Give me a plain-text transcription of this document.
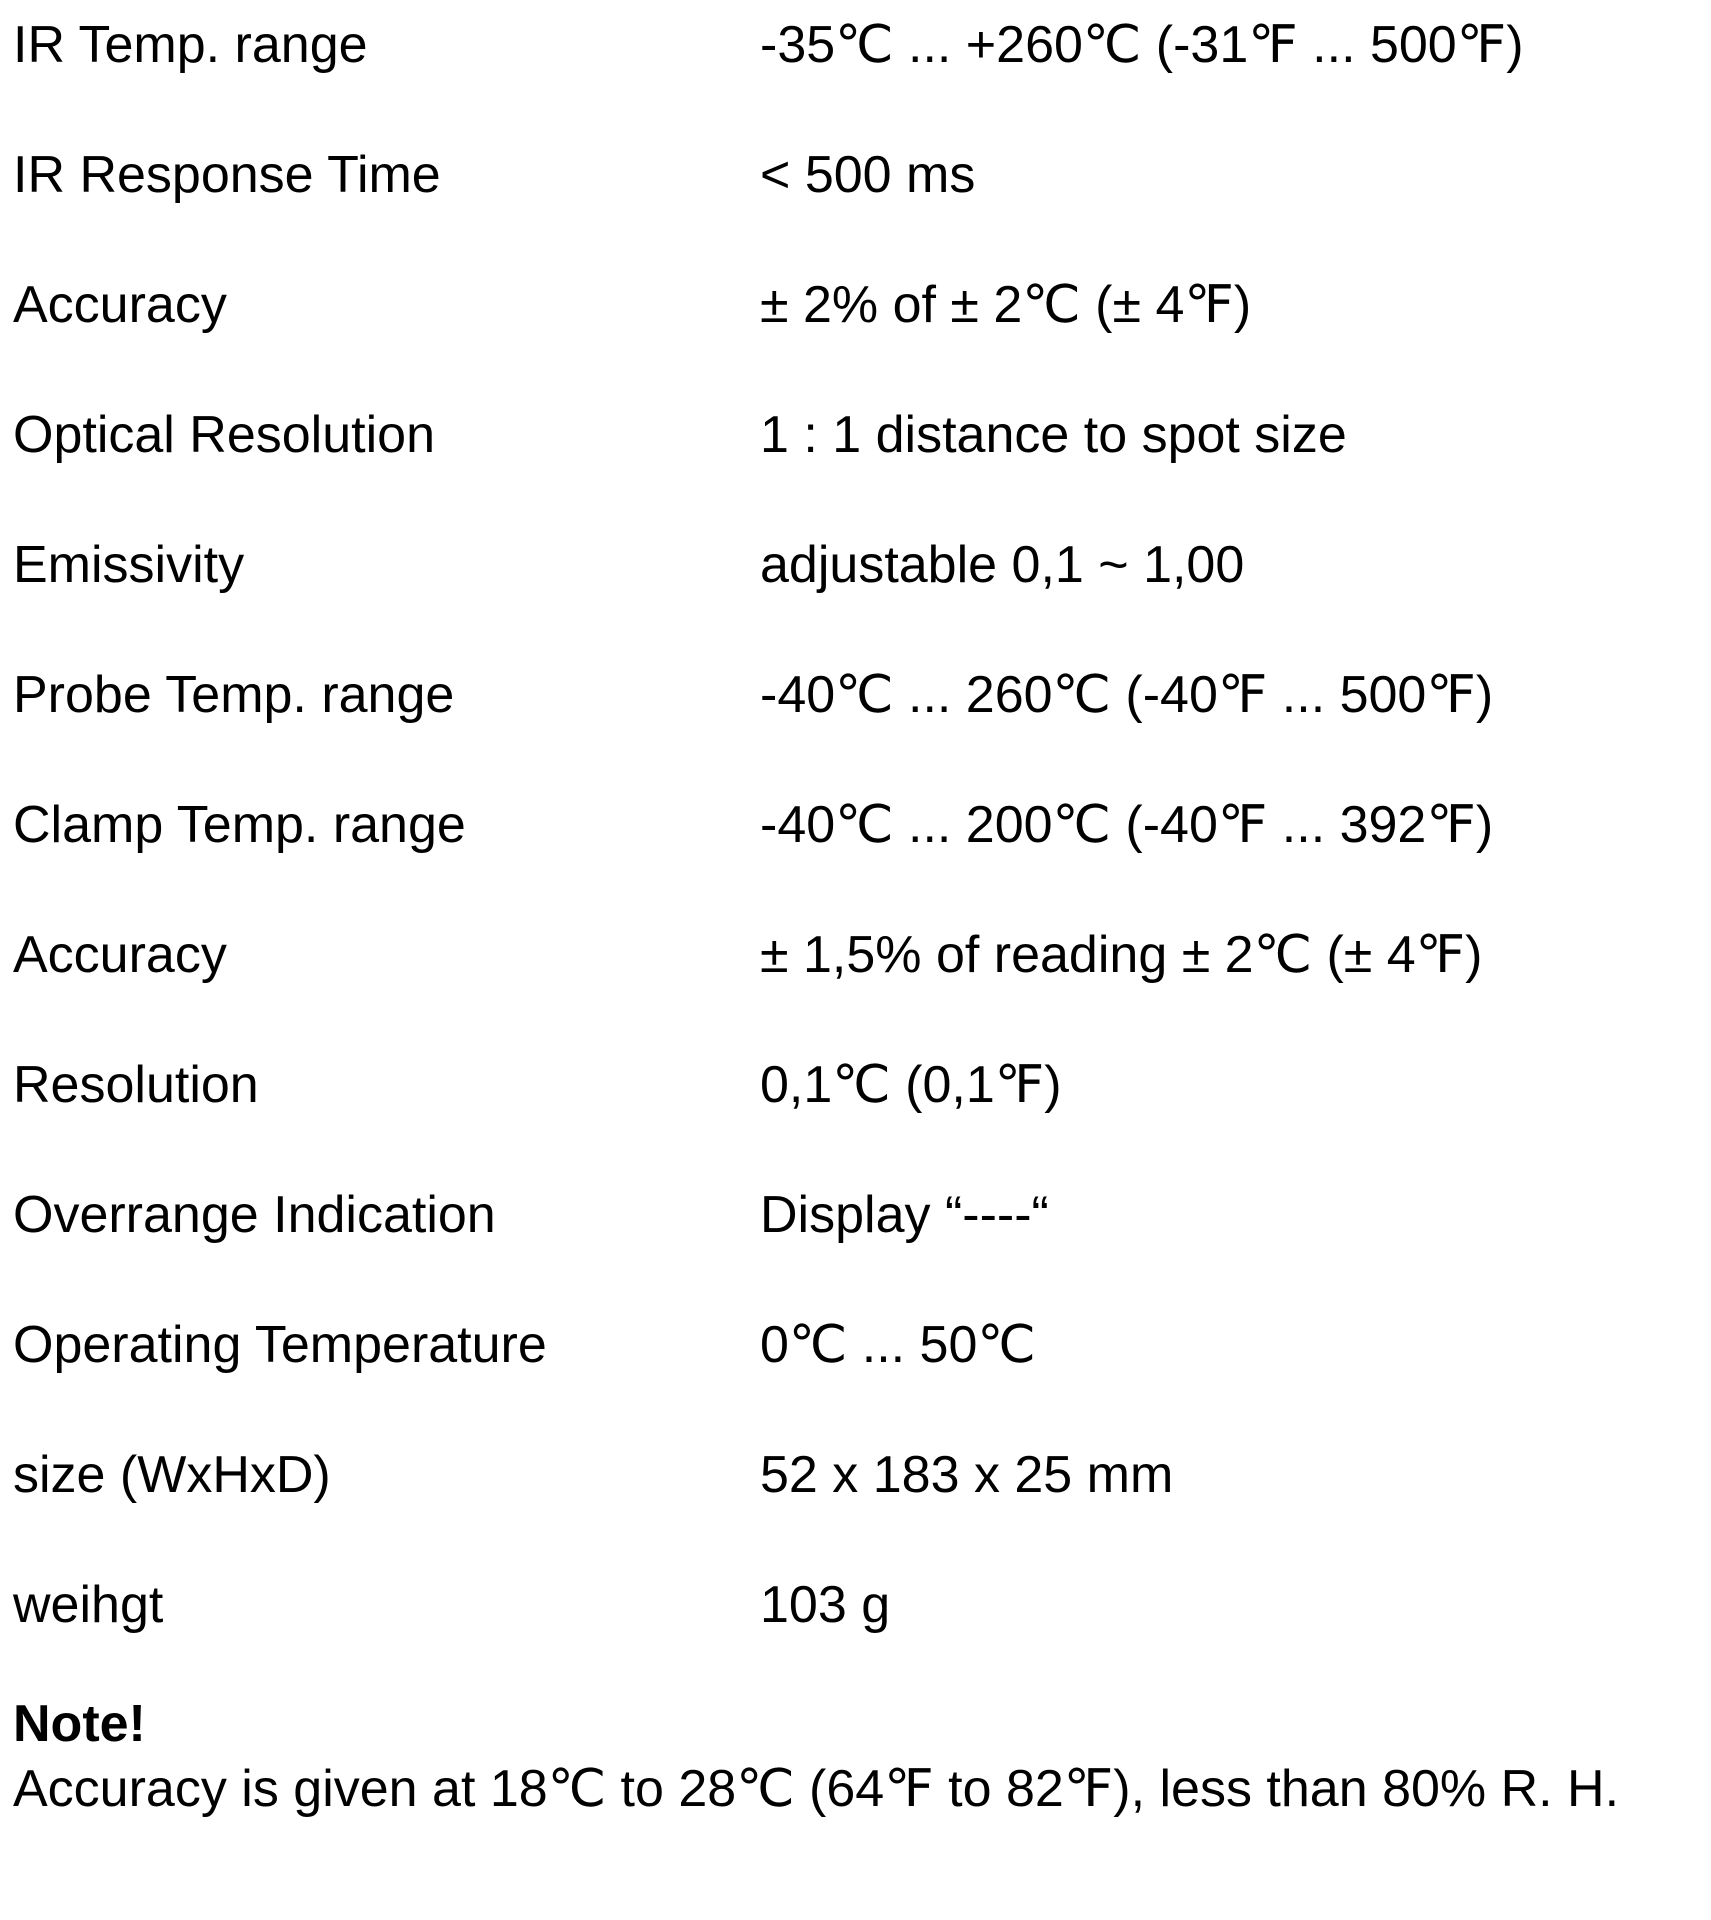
IR Temp. range	-35℃ ... +260℃ (-31℉ ... 500℉)
IR Response Time	< 500 ms
Accuracy	± 2% of ± 2℃ (± 4℉)
Optical Resolution	1 : 1 distance to spot size
Emissivity	adjustable 0,1 ~ 1,00
Probe Temp. range	-40℃ ... 260℃ (-40℉ ... 500℉)
Clamp Temp. range	-40℃ ... 200℃ (-40℉ ... 392℉)
Accuracy	± 1,5% of reading ± 2℃ (± 4℉)
Resolution	0,1℃ (0,1℉)
Overrange Indication	Display “----“
Operating Temperature	0℃ ... 50℃
size (WxHxD)	52 x 183 x 25 mm
weihgt	103 g
Note!
Accuracy is given at 18℃ to 28℃ (64℉ to 82℉), less than 80% R. H.
